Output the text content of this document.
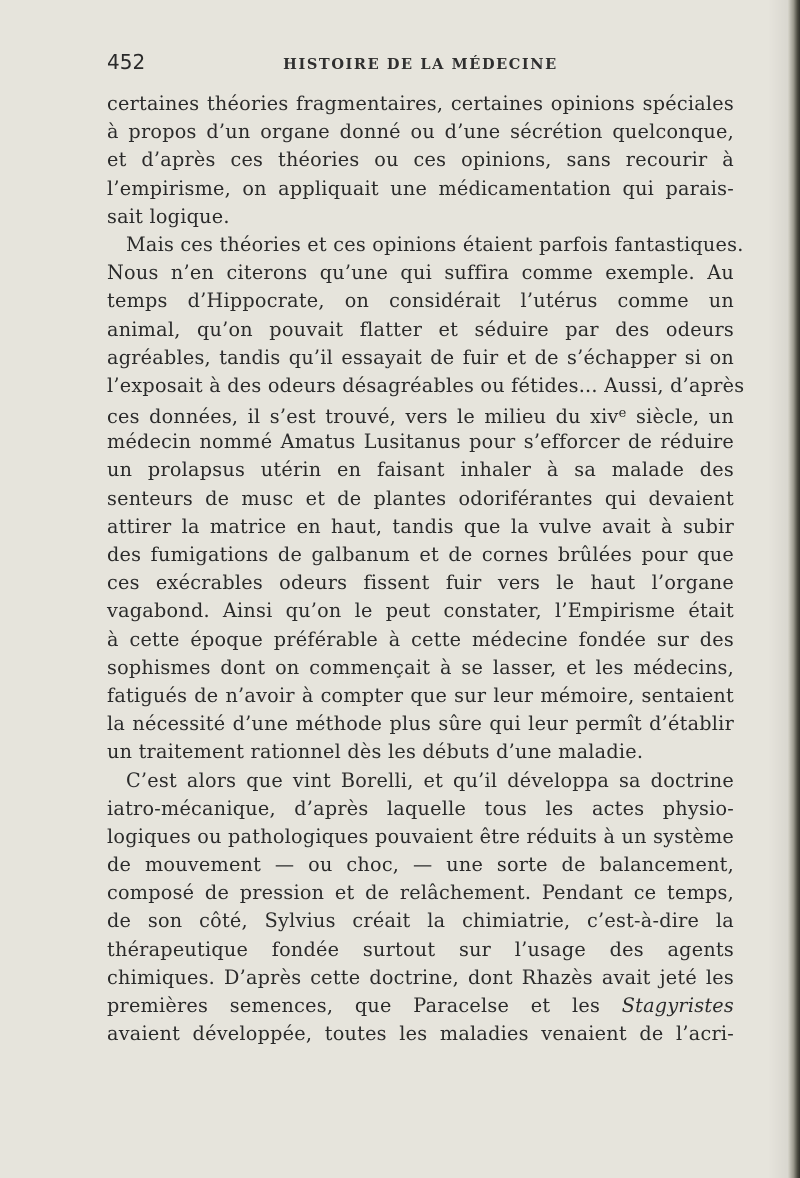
452	HISTOIRE DE LA MÉDECINE
certaines théories fragmentaires, certaines opinions spéciales
à propos d’un organe donné ou d’une sécrétion quelconque,
et d’après ces théories ou ces opinions, sans recourir à
l’empirisme, on appliquait une médicamentation qui parais-
sait logique.
Mais ces théories et ces opinions étaient parfois fantastiques.
Nous n’en citerons qu’une qui suffira comme exemple. Au
temps d’Hippocrate, on considérait l’utérus comme un
animal, qu’on pouvait flatter et séduire par des odeurs
agréables, tandis qu’il essayait de fuir et de s’échapper si on
l’exposait à des odeurs désagréables ou fétides... Aussi, d’après
ces données, il s’est trouvé, vers le milieu du xiv$^e$ siècle, un
médecin nommé Amatus Lusitanus pour s’efforcer de réduire
un prolapsus utérin en faisant inhaler à sa malade des
senteurs de musc et de plantes odoriférantes qui devaient
attirer la matrice en haut, tandis que la vulve avait à subir
des fumigations de galbanum et de cornes brûlées pour que
ces exécrables odeurs fissent fuir vers le haut l’organe
vagabond. Ainsi qu’on le peut constater, l’Empirisme était
à cette époque préférable à cette médecine fondée sur des
sophismes dont on commençait à se lasser, et les médecins,
fatigués de n’avoir à compter que sur leur mémoire, sentaient
la nécessité d’une méthode plus sûre qui leur permît d’établir
un traitement rationnel dès les débuts d’une maladie.
C’est alors que vint Borelli, et qu’il développa sa doctrine
iatro-mécanique, d’après laquelle tous les actes physio-
logiques ou pathologiques pouvaient être réduits à un système
de mouvement — ou choc, — une sorte de balancement,
composé de pression et de relâchement. Pendant ce temps,
de son côté, Sylvius créait la chimiatrie, c’est-à-dire la
thérapeutique fondée surtout sur l’usage des agents
chimiques. D’après cette doctrine, dont Rhazès avait jeté les
premières semences, que Paracelse et les Stagyristes
avaient développée, toutes les maladies venaient de l’acri-
